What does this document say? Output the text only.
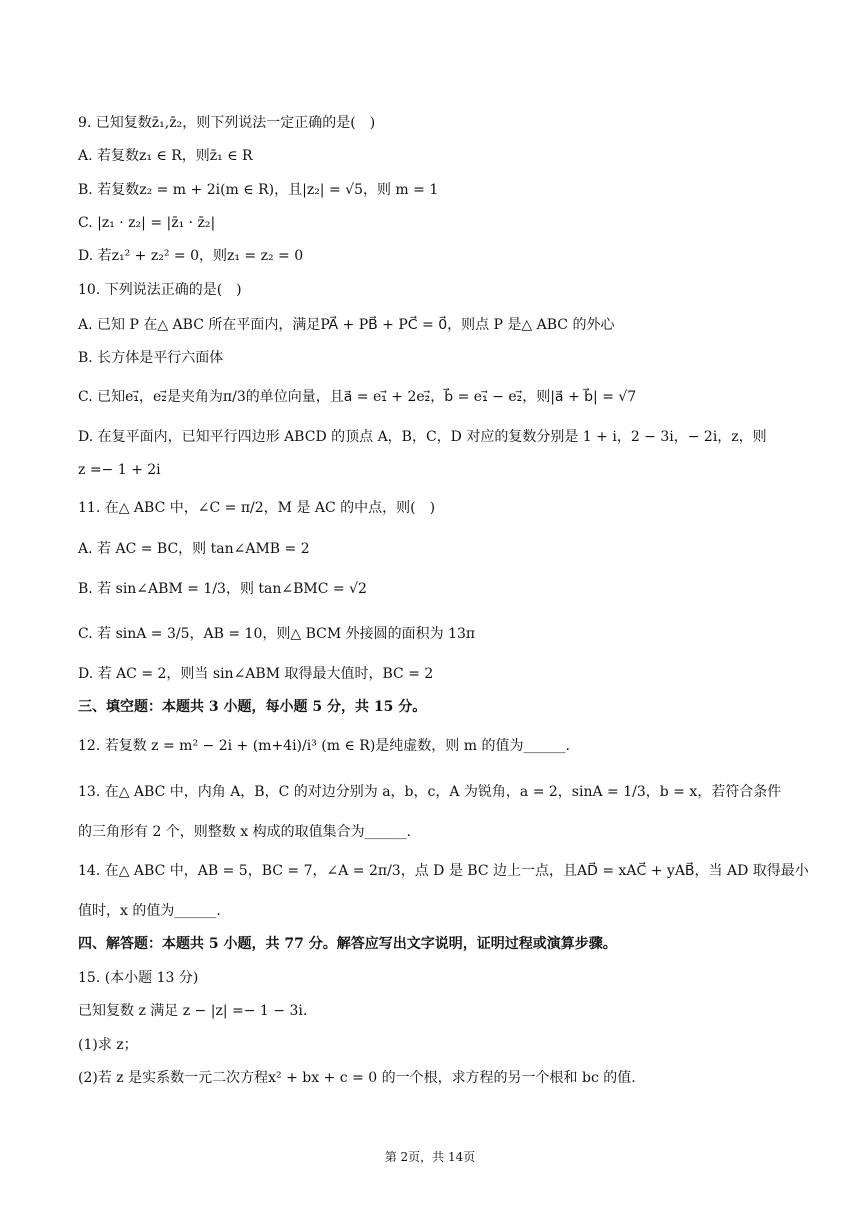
9. 已知复数z̄₁,z̄₂，则下列说法一定正确的是(　)
A. 若复数z₁ ∈ R，则z̄₁ ∈ R
B. 若复数z₂ = m + 2i(m ∈ R)，且|z₂| = √5，则 m = 1
C. |z₁ · z₂| = |z̄₁ · z̄₂|
D. 若z₁² + z₂² = 0，则z₁ = z₂ = 0
10. 下列说法正确的是(　)
A. 已知 P 在△ ABC 所在平面内，满足PA⃗ + PB⃗ + PC⃗ = 0⃗，则点 P 是△ ABC 的外心
B. 长方体是平行六面体
C. 已知e₁⃗，e₂⃗是夹角为π/3的单位向量，且a⃗ = e₁⃗ + 2e₂⃗，b⃗ = e₁⃗ − e₂⃗，则|a⃗ + b⃗| = √7
D. 在复平面内，已知平行四边形 ABCD 的顶点 A，B，C，D 对应的复数分别是 1 + i，2 − 3i，− 2i，z，则
z =− 1 + 2i
11. 在△ ABC 中，∠C = π/2，M 是 AC 的中点，则(　)
A. 若 AC = BC，则 tan∠AMB = 2
B. 若 sin∠ABM = 1/3，则 tan∠BMC = √2
C. 若 sinA = 3/5，AB = 10，则△ BCM 外接圆的面积为 13π
D. 若 AC = 2，则当 sin∠ABM 取得最大值时，BC = 2
三、填空题：本题共 3 小题，每小题 5 分，共 15 分。
12. 若复数 z = m² − 2i + (m+4i)/i³ (m ∈ R)是纯虚数，则 m 的值为______.
13. 在△ ABC 中，内角 A，B，C 的对边分别为 a，b，c，A 为锐角，a = 2，sinA = 1/3，b = x，若符合条件
的三角形有 2 个，则整数 x 构成的取值集合为______.
14. 在△ ABC 中，AB = 5，BC = 7，∠A = 2π/3，点 D 是 BC 边上一点，且AD⃗ = xAC⃗ + yAB⃗，当 AD 取得最小
值时，x 的值为______.
四、解答题：本题共 5 小题，共 77 分。解答应写出文字说明，证明过程或演算步骤。
15. (本小题 13 分)
已知复数 z 满足 z − |z| =− 1 − 3i.
(1)求 z；
(2)若 z 是实系数一元二次方程x² + bx + c = 0 的一个根，求方程的另一个根和 bc 的值.
第 2页，共 14页
